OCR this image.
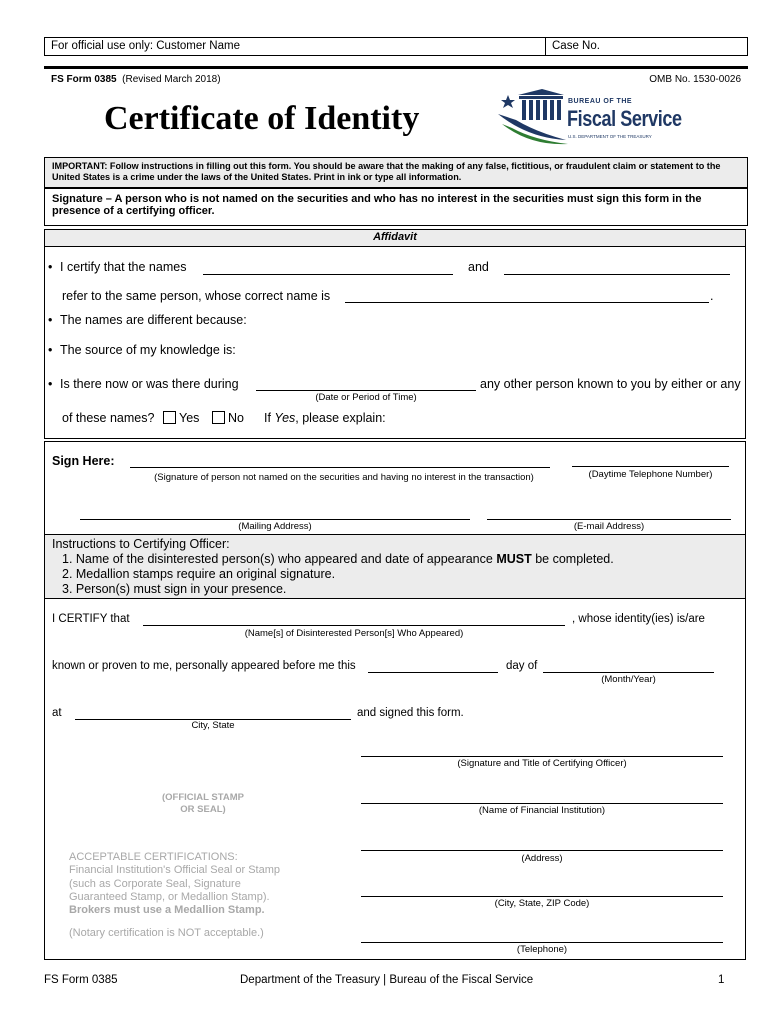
For official use only: Customer Name	Case No.
FS Form 0385 (Revised March 2018)	OMB No. 1530-0026
Certificate of Identity	BUREAU OF THE
Fiscal Service
U.S. DEPARTMENT OF THE TREASURY
IMPORTANT: Follow instructions in filling out this form. You should be aware that the making of any false, fictitious, or fraudulent claim or statement to the United States is a crime under the laws of the United States. Print in ink or type all information.
Signature – A person who is not named on the securities and who has no interest in the securities must sign this form in the presence of a certifying officer.
Affidavit
• I certify that the names	and
refer to the same person, whose correct name is	.
• The names are different because:
• The source of my knowledge is:
• Is there now or was there during
(Date or Period of Time)
any other person known to you by either or any
of these names?	Yes	No If Yes, please explain:
Sign Here:
(Signature of person not named on the securities and having no interest in the transaction)	(Daytime Telephone Number)
(Mailing Address)	(E-mail Address)
Instructions to Certifying Officer:
1. Name of the disinterested person(s) who appeared and date of appearance MUST be completed.
2. Medallion stamps require an original signature.
3. Person(s) must sign in your presence.
I CERTIFY that
(Name[s] of Disinterested Person[s] Who Appeared)
, whose identity(ies) is/are
known or proven to me, personally appeared before me this	day of
(Month/Year)
at
City, State
and signed this form.
(Signature and Title of Certifying Officer)
(Name of Financial Institution)
(Address)
(City, State, ZIP Code)
(Telephone)
(OFFICIAL STAMP
OR SEAL)
ACCEPTABLE CERTIFICATIONS:
Financial Institution's Official Seal or Stamp
(such as Corporate Seal, Signature
Guaranteed Stamp, or Medallion Stamp).
Brokers must use a Medallion Stamp.
(Notary certification is NOT acceptable.)
FS Form 0385	Department of the Treasury | Bureau of the Fiscal Service	1
